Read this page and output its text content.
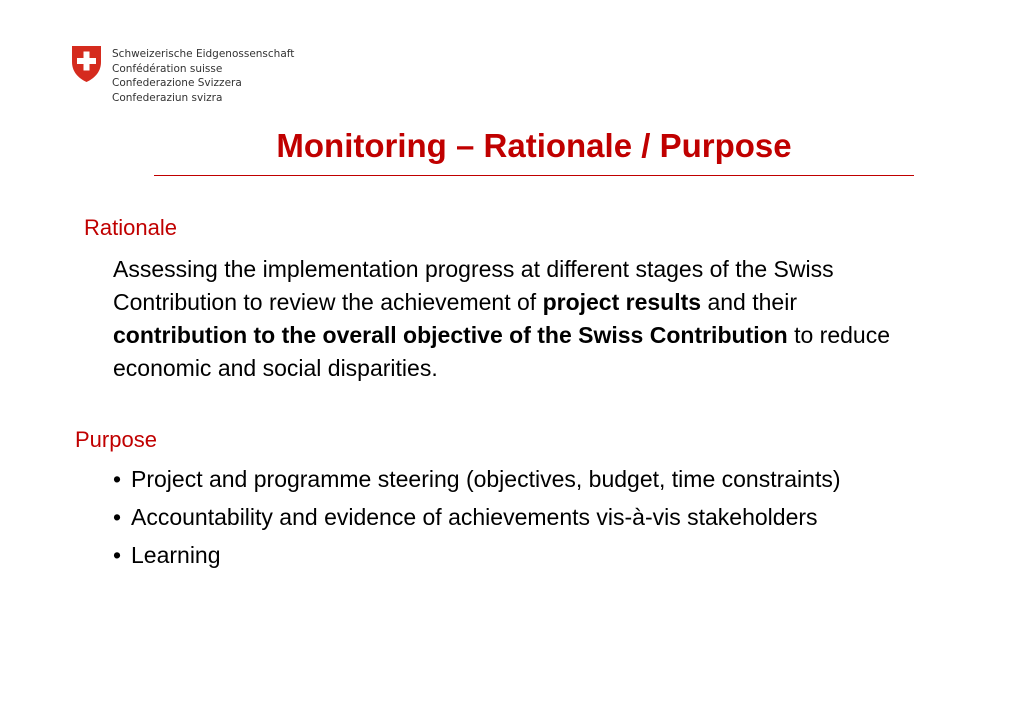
Schweizerische Eidgenossenschaft
Confédération suisse
Confederazione Svizzera
Confederaziun svizra
Monitoring – Rationale / Purpose
Rationale
Assessing the implementation progress at different stages of the Swiss Contribution to review the achievement of project results and their contribution to the overall objective of the Swiss Contribution to reduce economic and social disparities.
Purpose
• Project and programme steering (objectives, budget, time constraints)
• Accountability and evidence of achievements vis-à-vis stakeholders
• Learning
